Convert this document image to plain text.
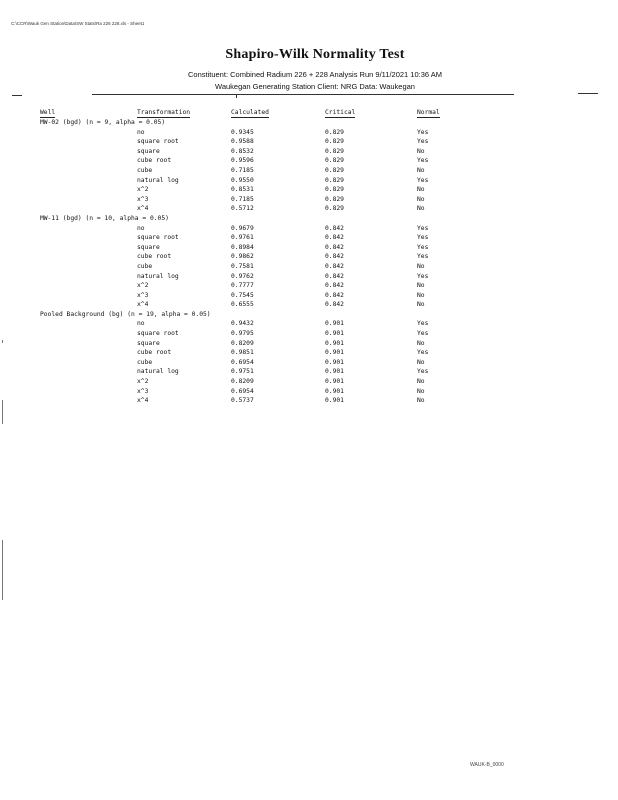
C:\CCR\Wauk Gen Station\Data\SW Stats\Ra 226 228.xls - Sheet1
Shapiro-Wilk Normality Test
Constituent: Combined Radium 226 + 228 Analysis Run 9/11/2021 10:36 AM
Waukegan Generating Station Client: NRG Data: Waukegan
Well	Transformation	Calculated	Critical	Normal
MW-02 (bgd) (n = 9, alpha = 0.05)				
	no	0.9345	0.829	Yes
	square root	0.9588	0.829	Yes
	square	0.8532	0.829	No
	cube root	0.9596	0.829	Yes
	cube	0.7185	0.829	No
	natural log	0.9550	0.829	Yes
	x^2	0.8531	0.829	No
	x^3	0.7185	0.829	No
	x^4	0.5712	0.829	No
MW-11 (bgd) (n = 10, alpha = 0.05)				
	no	0.9679	0.842	Yes
	square root	0.9761	0.842	Yes
	square	0.8984	0.842	Yes
	cube root	0.9862	0.842	Yes
	cube	0.7581	0.842	No
	natural log	0.9762	0.842	Yes
	x^2	0.7777	0.842	No
	x^3	0.7545	0.842	No
	x^4	0.6555	0.842	No
Pooled Background (bg) (n = 19, alpha = 0.05)				
	no	0.9432	0.901	Yes
	square root	0.9795	0.901	Yes
	square	0.8209	0.901	No
	cube root	0.9851	0.901	Yes
	cube	0.6954	0.901	No
	natural log	0.9751	0.901	Yes
	x^2	0.8209	0.901	No
	x^3	0.6954	0.901	No
	x^4	0.5737	0.901	No
WAUK-B_0000
